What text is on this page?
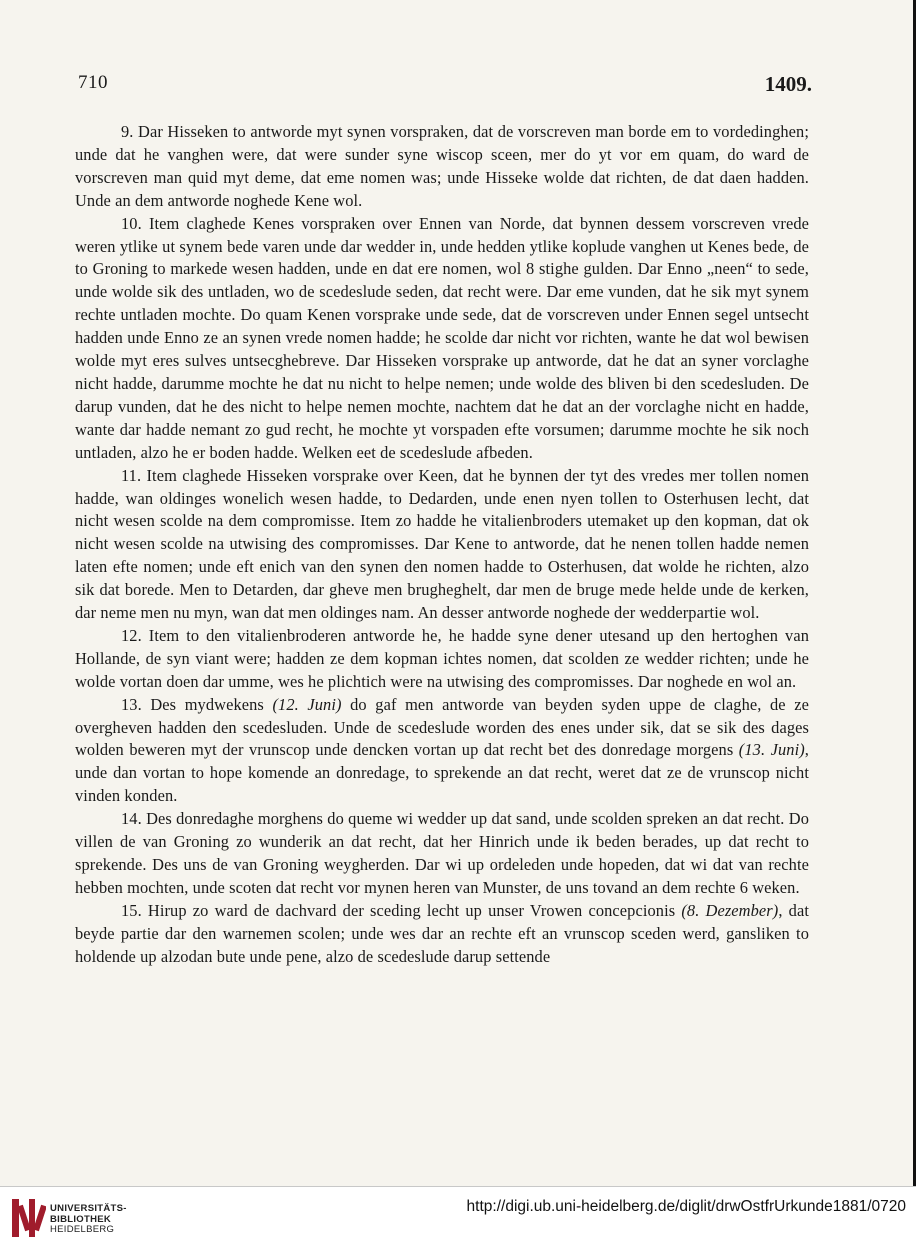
710	1409.

9. Dar Hisseken to antworde myt synen vorspraken, dat de vorscreven man borde em to vordedinghen; unde dat he vanghen were, dat were sunder syne wiscop sceen, mer do yt vor em quam, do ward de vorscreven man quid myt deme, dat eme nomen was; unde Hisseke wolde dat richten, de dat daen hadden. Unde an dem antworde noghede Kene wol.

10. Item claghede Kenes vorspraken over Ennen van Norde, dat bynnen dessem vorscreven vrede weren ytlike ut synem bede varen unde dar wedder in, unde hedden ytlike koplude vanghen ut Kenes bede, de to Groning to markede wesen hadden, unde en dat ere nomen, wol 8 stighe gulden. Dar Enno „neen“ to sede, unde wolde sik des untladen, wo de scedeslude seden, dat recht were. Dar eme vunden, dat he sik myt synem rechte untladen mochte. Do quam Kenen vorsprake unde sede, dat de vorscreven under Ennen segel untsecht hadden unde Enno ze an synen vrede nomen hadde; he scolde dar nicht vor richten, wante he dat wol bewisen wolde myt eres sulves untsecghebreve. Dar Hisseken vorsprake up antworde, dat he dat an syner vorclaghe nicht hadde, darumme mochte he dat nu nicht to helpe nemen; unde wolde des bliven bi den scedesluden. De darup vunden, dat he des nicht to helpe nemen mochte, nachtem dat he dat an der vorclaghe nicht en hadde, wante dar hadde nemant zo gud recht, he mochte yt vorspaden efte vorsumen; darumme mochte he sik noch untladen, alzo he er boden hadde. Welken eet de scedeslude afbeden.

11. Item claghede Hisseken vorsprake over Keen, dat he bynnen der tyt des vredes mer tollen nomen hadde, wan oldinges wonelich wesen hadde, to Dedarden, unde enen nyen tollen to Osterhusen lecht, dat nicht wesen scolde na dem compromisse. Item zo hadde he vitalienbroders utemaket up den kopman, dat ok nicht wesen scolde na utwising des compromisses. Dar Kene to antworde, dat he nenen tollen hadde nemen laten efte nomen; unde eft enich van den synen den nomen hadde to Osterhusen, dat wolde he richten, alzo sik dat borede. Men to Detarden, dar gheve men brugheghelt, dar men de bruge mede helde unde de kerken, dar neme men nu myn, wan dat men oldinges nam. An desser antworde noghede der wedderpartie wol.

12. Item to den vitalienbroderen antworde he, he hadde syne dener utesand up den hertoghen van Hollande, de syn viant were; hadden ze dem kopman ichtes nomen, dat scolden ze wedder richten; unde he wolde vortan doen dar umme, wes he plichtich were na utwising des compromisses. Dar noghede en wol an.

13. Des mydwekens (12. Juni) do gaf men antworde van beyden syden uppe de claghe, de ze overgheven hadden den scedesluden. Unde de scedeslude worden des enes under sik, dat se sik des dages wolden beweren myt der vrunscop unde dencken vortan up dat recht bet des donredage morgens (13. Juni), unde dan vortan to hope komende an donredage, to sprekende an dat recht, weret dat ze de vrunscop nicht vinden konden.

14. Des donredaghe morghens do queme wi wedder up dat sand, unde scolden spreken an dat recht. Do villen de van Groning zo wunderik an dat recht, dat her Hinrich unde ik beden berades, up dat recht to sprekende. Des uns de van Groning weygherden. Dar wi up ordeleden unde hopeden, dat wi dat van rechte hebben mochten, unde scoten dat recht vor mynen heren van Munster, de uns tovand an dem rechte 6 weken.

15. Hirup zo ward de dachvard der sceding lecht up unser Vrowen concepcionis (8. Dezember), dat beyde partie dar den warnemen scolen; unde wes dar an rechte eft an vrunscop sceden werd, gansliken to holdende up alzodan bute unde pene, alzo de scedeslude darup settende

UNIVERSITÄTS-
BIBLIOTHEK
HEIDELBERG
http://digi.ub.uni-heidelberg.de/diglit/drwOstfrUrkunde1881/0720
